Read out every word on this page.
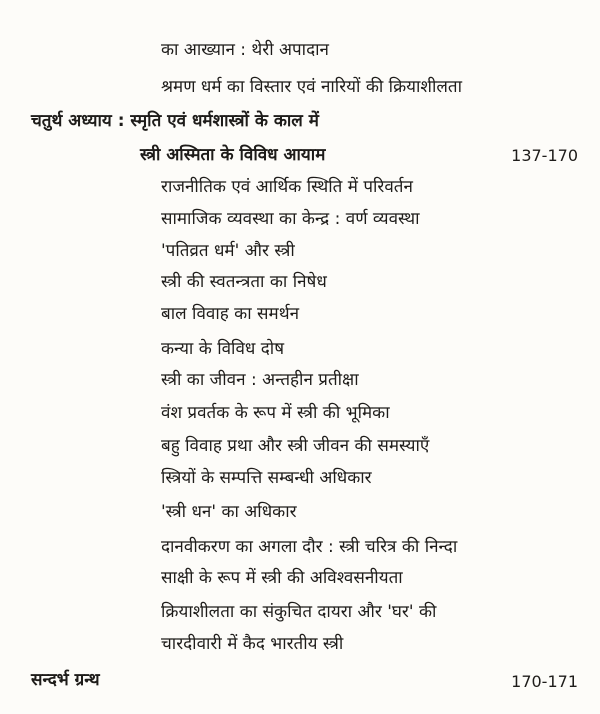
का आख्यान : थेरी अपादान
श्रमण धर्म का विस्तार एवं नारियों की क्रियाशीलता
चतुर्थ अध्याय : स्मृति एवं धर्मशास्त्रों के काल में
स्त्री अस्मिता के विविध आयाम	137-170
राजनीतिक एवं आर्थिक स्थिति में परिवर्तन
सामाजिक व्यवस्था का केन्द्र : वर्ण व्यवस्था
'पतिव्रत धर्म' और स्त्री
स्त्री की स्वतन्त्रता का निषेध
बाल विवाह का समर्थन
कन्या के विविध दोष
स्त्री का जीवन : अन्तहीन प्रतीक्षा
वंश प्रवर्तक के रूप में स्त्री की भूमिका
बहु विवाह प्रथा और स्त्री जीवन की समस्याएँ
स्त्रियों के सम्पत्ति सम्बन्धी अधिकार
'स्त्री धन' का अधिकार
दानवीकरण का अगला दौर : स्त्री चरित्र की निन्दा
साक्षी के रूप में स्त्री की अविश्वसनीयता
क्रियाशीलता का संकुचित दायरा और 'घर' की
चारदीवारी में कैद भारतीय स्त्री
सन्दर्भ ग्रन्थ	170-171
